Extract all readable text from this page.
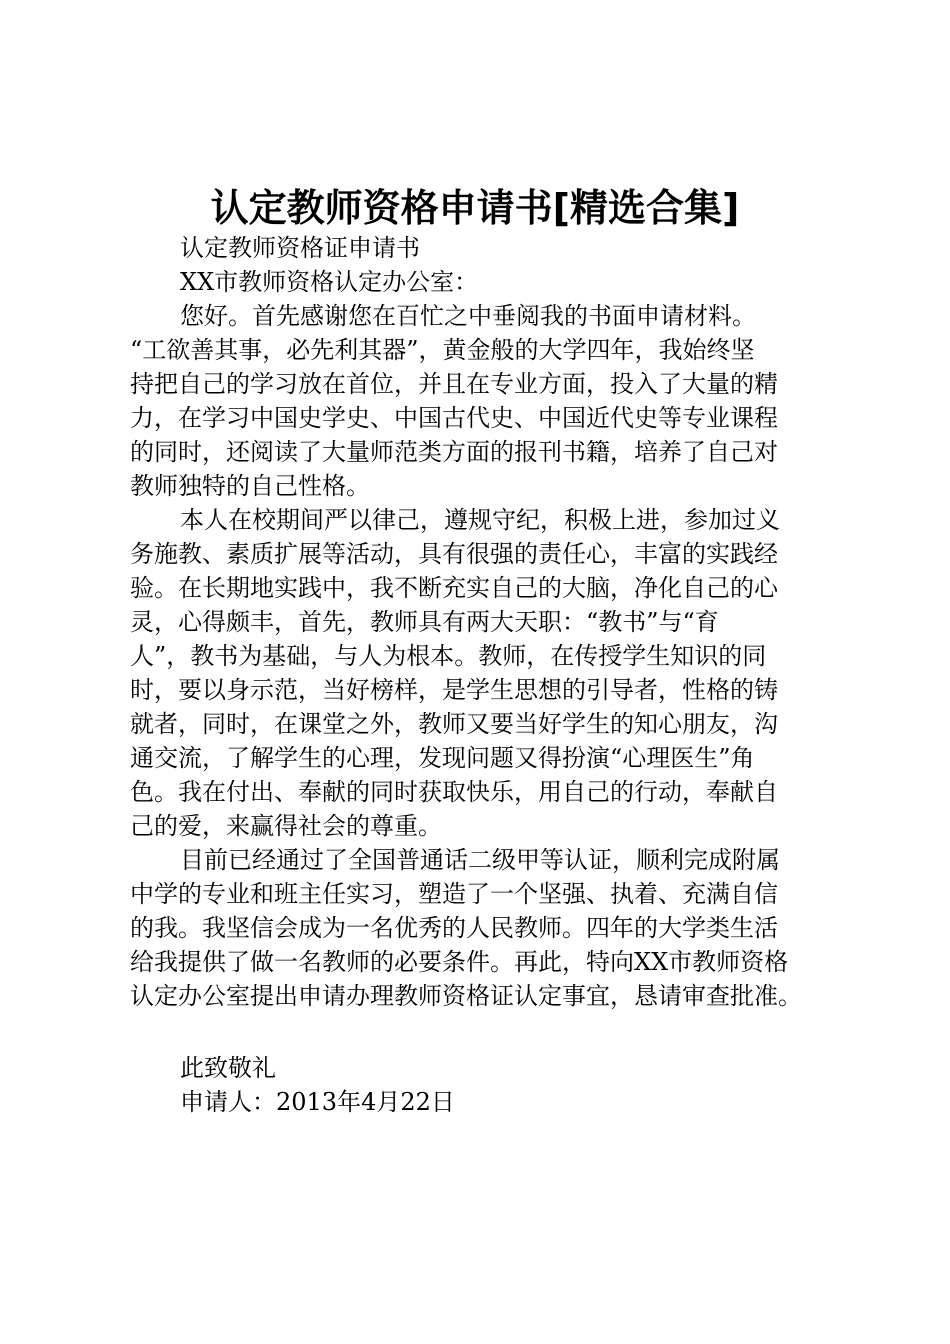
认定教师资格申请书[精选合集]
认定教师资格证申请书
XX市教师资格认定办公室：
您好。首先感谢您在百忙之中垂阅我的书面申请材料。
“工欲善其事，必先利其器”，黄金般的大学四年，我始终坚
持把自己的学习放在首位，并且在专业方面，投入了大量的精
力，在学习中国史学史、中国古代史、中国近代史等专业课程
的同时，还阅读了大量师范类方面的报刊书籍，培养了自己对
教师独特的自己性格。
本人在校期间严以律己，遵规守纪，积极上进，参加过义
务施教、素质扩展等活动，具有很强的责任心，丰富的实践经
验。在长期地实践中，我不断充实自己的大脑，净化自己的心
灵，心得颇丰，首先，教师具有两大天职：“教书”与“育
人”，教书为基础，与人为根本。教师，在传授学生知识的同
时，要以身示范，当好榜样，是学生思想的引导者，性格的铸
就者，同时，在课堂之外，教师又要当好学生的知心朋友，沟
通交流，了解学生的心理，发现问题又得扮演“心理医生”角
色。我在付出、奉献的同时获取快乐，用自己的行动，奉献自
己的爱，来赢得社会的尊重。
目前已经通过了全国普通话二级甲等认证，顺利完成附属
中学的专业和班主任实习，塑造了一个坚强、执着、充满自信
的我。我坚信会成为一名优秀的人民教师。四年的大学类生活
给我提供了做一名教师的必要条件。再此，特向XX市教师资格
认定办公室提出申请办理教师资格证认定事宜，恳请审查批准。
此致敬礼
申请人：2013年4月22日
